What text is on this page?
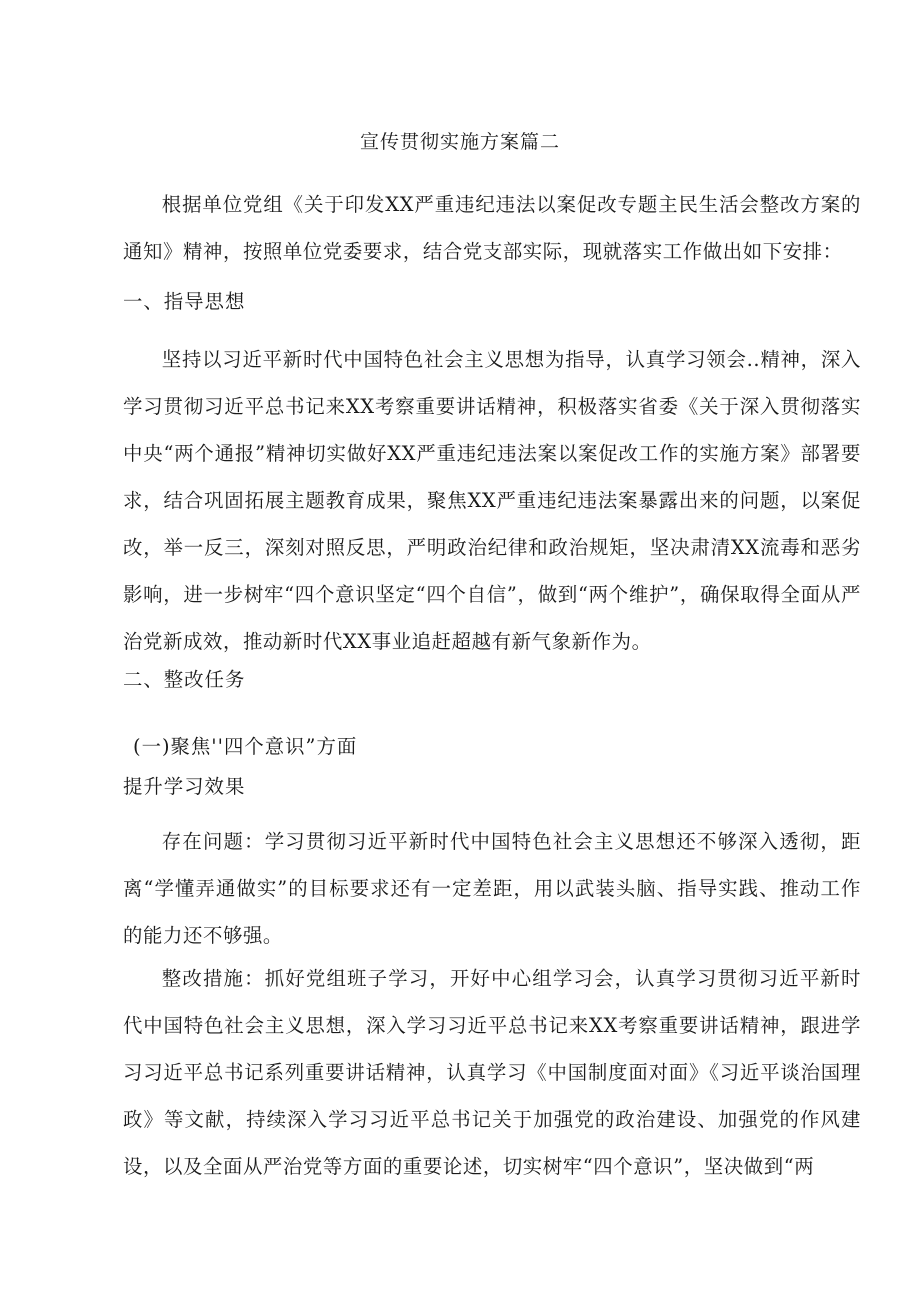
宣传贯彻实施方案篇二
根据单位党组《关于印发XX严重违纪违法以案促改专题主民生活会整改方案的通知》精神，按照单位党委要求，结合党支部实际，现就落实工作做出如下安排：
一、指导思想
坚持以习近平新时代中国特色社会主义思想为指导，认真学习领会..精神，深入学习贯彻习近平总书记来XX考察重要讲话精神，积极落实省委《关于深入贯彻落实中央“两个通报”精神切实做好XX严重违纪违法案以案促改工作的实施方案》部署要求，结合巩固拓展主题教育成果，聚焦XX严重违纪违法案暴露出来的问题，以案促改，举一反三，深刻对照反思，严明政治纪律和政治规矩，坚决肃清XX流毒和恶劣影响，进一步树牢“四个意识坚定“四个自信”，做到“两个维护”，确保取得全面从严治党新成效，推动新时代XX事业追赶超越有新气象新作为。
二、整改任务
(一)聚焦''四个意识”方面
提升学习效果
存在问题：学习贯彻习近平新时代中国特色社会主义思想还不够深入透彻，距离“学懂弄通做实”的目标要求还有一定差距，用以武装头脑、指导实践、推动工作的能力还不够强。
整改措施：抓好党组班子学习，开好中心组学习会，认真学习贯彻习近平新时代中国特色社会主义思想，深入学习习近平总书记来XX考察重要讲话精神，跟进学习习近平总书记系列重要讲话精神，认真学习《中国制度面对面》《习近平谈治国理政》等文献，持续深入学习习近平总书记关于加强党的政治建设、加强党的作风建设，以及全面从严治党等方面的重要论述，切实树牢“四个意识”，坚决做到“两
